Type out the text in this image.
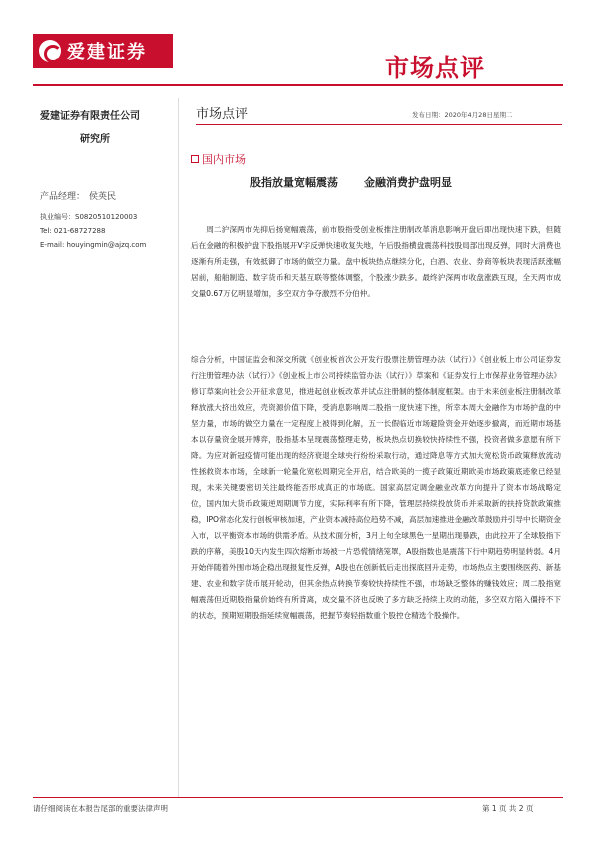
爱建证券
市场点评
爱建证券有限责任公司
研究所
产品经理： 侯英民
执业编号：S0820510120003
Tel: 021-68727288
E-mail: houyingmin@ajzq.com
市场点评	发布日期：2020年4月28日星期二
国内市场
股指放量宽幅震荡 金融消费护盘明显
周二沪深两市先抑后扬宽幅震荡，前市股指受创业板推注册制改革消息影响开盘后即出现快速下跌，但随后在金融的积极护盘下股指展开V字反弹快速收复失地，午后股指横盘震荡科技股局部出现反弹，同时大消费也逐渐有所走强，有效抵御了市场的做空力量。盘中板块热点继续分化，白酒、农业、券商等板块表现活跃涨幅居前，船舶制造、数字货币和天基互联等整体调整，个股涨少跌多。最终沪深两市收盘涨跌互现，全天两市成交量0.67万亿明显增加，多空双方争夺激烈不分伯仲。
综合分析，中国证监会和深交所就《创业板首次公开发行股票注册管理办法（试行）》《创业板上市公司证券发行注册管理办法（试行）》《创业板上市公司持续监管办法（试行）》草案和《证券发行上市保荐业务管理办法》修订草案向社会公开征求意见，推进起创业板改革并试点注册制的整体制度框架。由于未来创业板注册制改革释放涨大挤出效应，壳资源价值下降，受消息影响周二股指一度快速下挫，所幸本周大金融作为市场护盘的中坚力量，市场的做空力量在一定程度上被得到化解，五一长假临近市场避险资金开始逐步撤离，而近期市场基本以存量资金展开博弈，股指基本呈现震荡整理走势，板块热点切换较快持续性不强，投资者做多意愿有所下降。为应对新冠疫情可能出现的经济衰退全球央行纷纷采取行动，通过降息等方式加大宽松货币政策释放流动性拯救资本市场，全球新一轮量化宽松周期完全开启，结合欧美的一揽子政策近期欧美市场政策底迹象已经显现，未来关键要密切关注最终能否形成真正的市场底。国家高层定调金融业改革方向提升了资本市场战略定位，国内加大货币政策逆周期调节力度，实际利率有所下降，管理层持续投放货币并采取新的扶持贷款政策推稳，IPO常态化发行创板审核加速，产业资本减持高位趋势不减，高层加速推进金融改革鼓励并引导中长期资金入市，以平衡资本市场的供需矛盾。从技术面分析，3月上旬全球黑色一星期出现暴跌，由此拉开了全球股指下跌的序幕，美股10天内发生四次熔断市场被一片恐慌情绪笼罩，A股指数也是震荡下行中期趋势明显转弱。4月开始伴随着外围市场企稳出现报复性反弹，A股也在创新低后走出探底回升走势，市场热点主要围绕医药、新基建、农业和数字货币展开轮动，但其余热点转换节奏较快持续性不强，市场缺乏整体的赚钱效应；周二股指宽幅震荡但近期股指量价始终有所背离，成交量不济也反映了多方缺乏持续上攻的动能，多空双方陷入僵持不下的状态，预期短期股指延续宽幅震荡，把握节奏轻指数重个股控仓精选个股操作。
请仔细阅读在本报告尾部的重要法律声明	第 1 页 共 2 页
